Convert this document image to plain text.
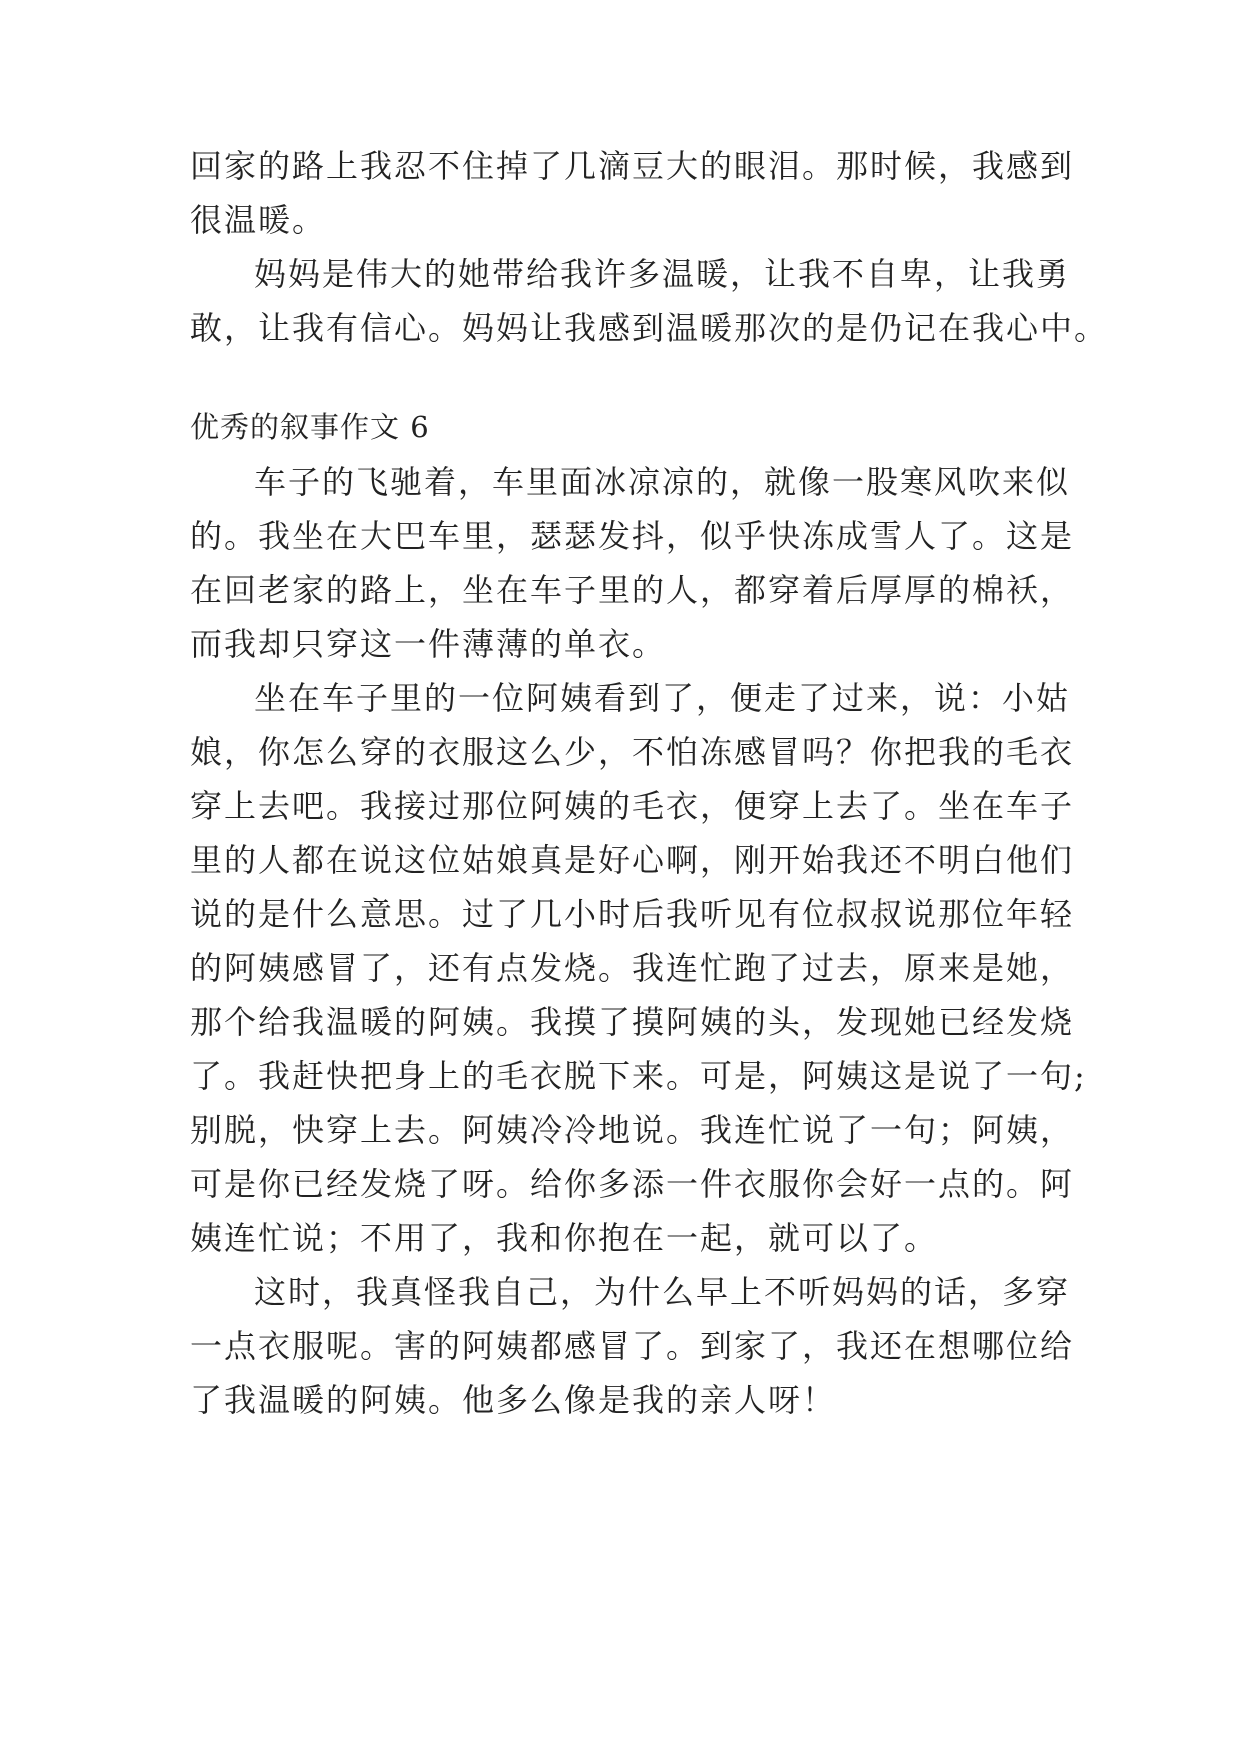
回家的路上我忍不住掉了几滴豆大的眼泪。那时候，我感到
很温暖。
妈妈是伟大的她带给我许多温暖，让我不自卑，让我勇
敢，让我有信心。妈妈让我感到温暖那次的是仍记在我心中。
优秀的叙事作文 6
车子的飞驰着，车里面冰凉凉的，就像一股寒风吹来似
的。我坐在大巴车里，瑟瑟发抖，似乎快冻成雪人了。这是
在回老家的路上，坐在车子里的人，都穿着后厚厚的棉袄，
而我却只穿这一件薄薄的单衣。
坐在车子里的一位阿姨看到了，便走了过来，说：小姑
娘，你怎么穿的衣服这么少，不怕冻感冒吗？你把我的毛衣
穿上去吧。我接过那位阿姨的毛衣，便穿上去了。坐在车子
里的人都在说这位姑娘真是好心啊，刚开始我还不明白他们
说的是什么意思。过了几小时后我听见有位叔叔说那位年轻
的阿姨感冒了，还有点发烧。我连忙跑了过去，原来是她，
那个给我温暖的阿姨。我摸了摸阿姨的头，发现她已经发烧
了。我赶快把身上的毛衣脱下来。可是，阿姨这是说了一句;
别脱，快穿上去。阿姨冷冷地说。我连忙说了一句；阿姨，
可是你已经发烧了呀。给你多添一件衣服你会好一点的。阿
姨连忙说；不用了，我和你抱在一起，就可以了。
这时，我真怪我自己，为什么早上不听妈妈的话，多穿
一点衣服呢。害的阿姨都感冒了。到家了，我还在想哪位给
了我温暖的阿姨。他多么像是我的亲人呀！
